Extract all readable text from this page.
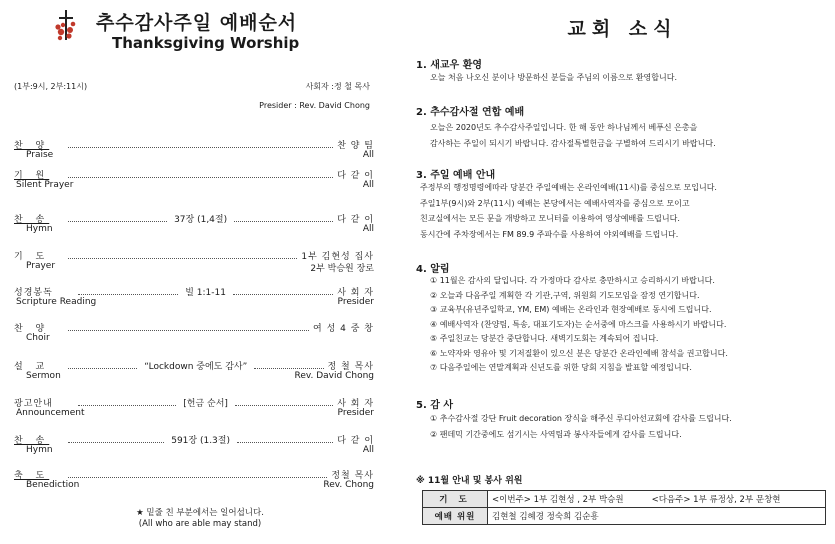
추수감사주일 예배순서
Thanksgiving Worship
(1부:9시, 2부:11시)	사회자 :정 철 목사
Presider : Rev. David Chong
찬 양	찬 양 팀
Praise	All
기 원	다 같 이
Silent Prayer	All
찬 송	37장 (1,4절)	다 같 이
Hymn	All
기 도	1부 김현성 집사
Prayer	2부 박승원 장로
성경봉독	빌 1:1-11	사 회 자
Scripture Reading	Presider
찬 양	여 성 4 중 창
Choir
설 교	“Lockdown 중에도 감사”	정 철 목사
Sermon	Rev. David Chong
광고안내	[헌금 순서]	사 회 자
Announcement	Presider
찬 송	591장 (1.3절)	다 같 이
Hymn	All
축 도	정철 목사
Benediction	Rev. Chong
★ 밑줄 친 부분에서는 일어섭니다.
(All who are able may stand)
교회 소식
1. 새교우 환영
오늘 처음 나오신 분이나 방문하신 분들을 주님의 이름으로 환영합니다.
2. 추수감사절 연합 예배
오늘은 2020년도 추수감사주일입니다. 한 해 동안 하나님께서 베푸신 은총을
감사하는 주일이 되시기 바랍니다. 감사절특별헌금을 구별하여 드리시기 바랍니다.
3. 주일 예배 안내
주정부의 행정명령에따라 당분간 주일예배는 온라인예배(11시)를 중심으로 모입니다.
주일1부(9시)와 2부(11시) 예배는 본당에서는 예배사역자를 중심으로 모이고
친교실에서는 모든 문을 개방하고 모니터를 이용하여 영상예배를 드립니다.
동시간에 주차장에서는 FM 89.9 주파수를 사용하여 야외예배를 드립니다.
4. 알림
① 11월은 감사의 달입니다. 각 가정마다 감사로 충만하시고 승리하시기 바랍니다.
② 오늘과 다음주일 계획한 각 기관,구역, 위원회 기도모임을 잠정 연기합니다.
③ 교육부(유년주일학교, YM, EM) 예배는 온라인과 현장예배로 동시에 드립니다.
④ 예배사역자 (찬양팀, 특송, 대표기도자)는 순서중에 마스크를 사용하시기 바랍니다.
⑤ 주일친교는 당분간 중단합니다. 새벽기도회는 계속되어 집니다.
⑥ 노약자와 영유아 및 기저질환이 있으신 분은 당분간 온라인예배 참석을 권고합니다.
⑦ 다음주일에는 연말계획과 신년도를 위한 당회 지침을 발표할 예정입니다.
5. 감 사
① 추수감사절 강단 Fruit decoration 장식을 해주신 루디아선교회에 감사를 드립니다.
② 팬데믹 기간중에도 섬기시는 사역팀과 봉사자들에게 감사를 드립니다.
※ 11월 안내 및 봉사 위원
기 도	<이번주> 1부 김현성 , 2부 박승원 <다음주> 1부 류정상, 2부 문창현
예배 위원	김현철 김혜경 정숙희 김순흥
